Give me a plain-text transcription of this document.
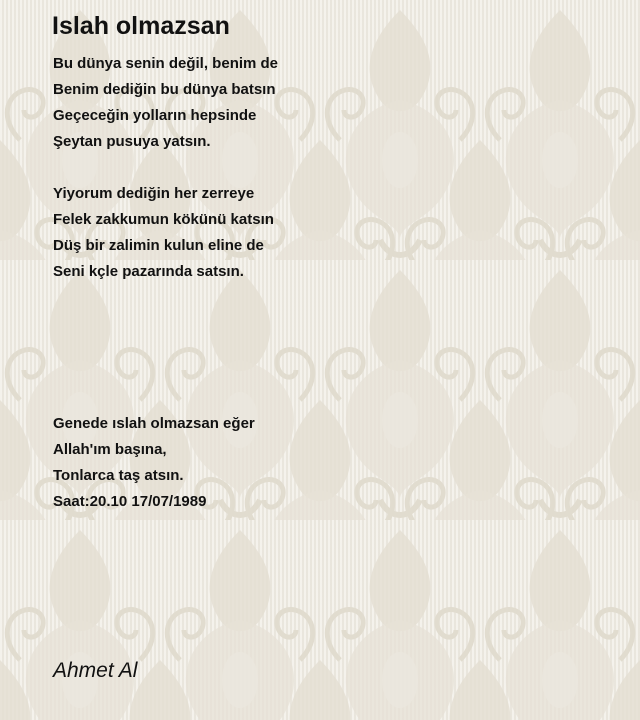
Islah olmazsan
Bu dünya senin değil, benim de
Benim dediğin bu dünya batsın
Geçeceğin yolların hepsinde
Şeytan pusuya yatsın.
Yiyorum dediğin her zerreye
Felek zakkumun kökünü katsın
Düş bir zalimin kulun eline de
Seni kçle pazarında satsın.
Genede ıslah olmazsan eğer
Allah'ım başına,
Tonlarca taş atsın.
Saat:20.10 17/07/1989
Ahmet Al
